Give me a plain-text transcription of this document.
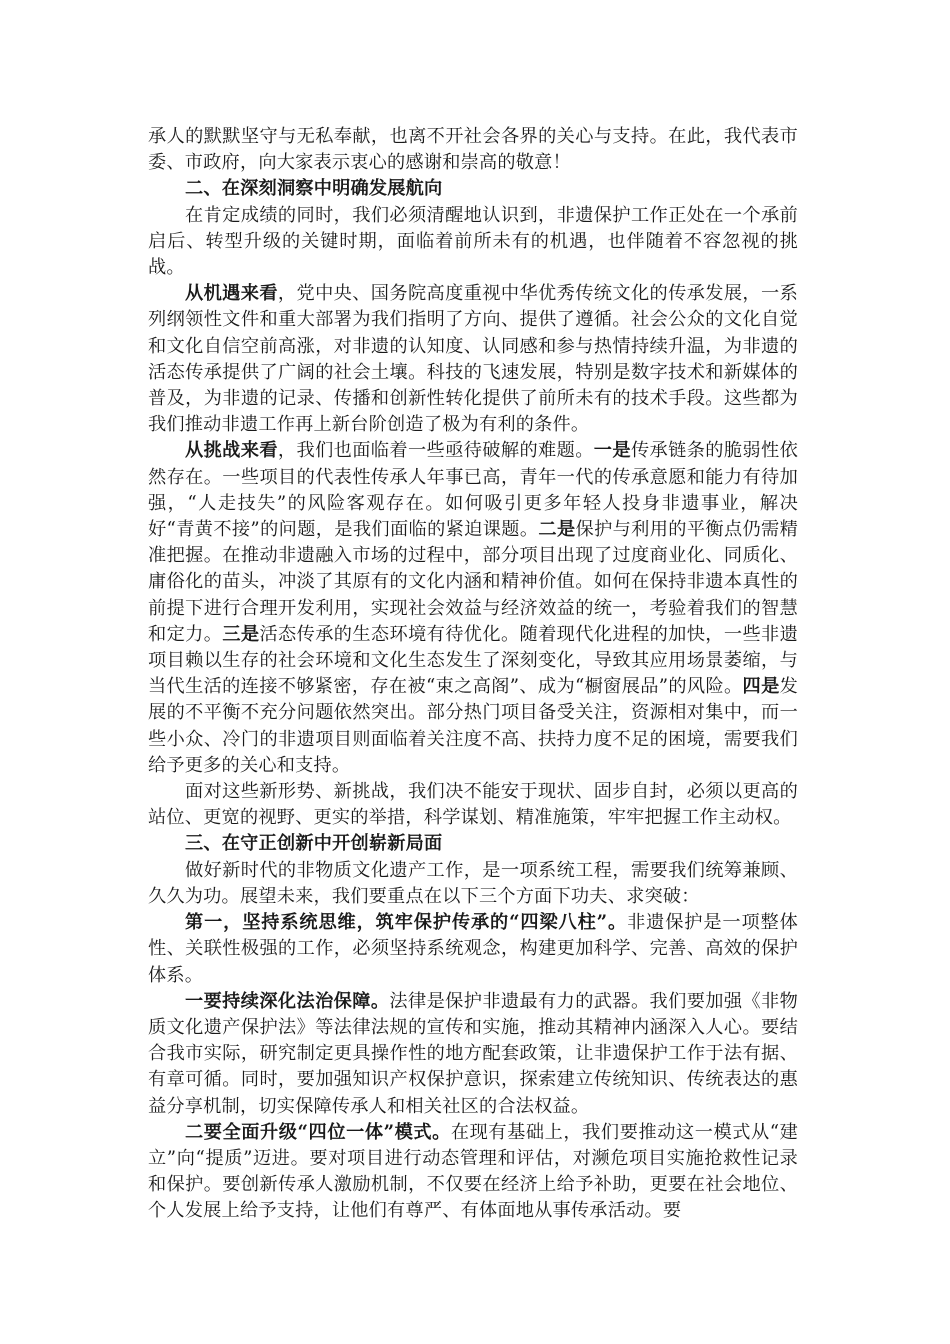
承人的默默坚守与无私奉献，也离不开社会各界的关心与支持。在此，我代表市委、市政府，向大家表示衷心的感谢和崇高的敬意！

二、在深刻洞察中明确发展航向

在肯定成绩的同时，我们必须清醒地认识到，非遗保护工作正处在一个承前启后、转型升级的关键时期，面临着前所未有的机遇，也伴随着不容忽视的挑战。

从机遇来看，党中央、国务院高度重视中华优秀传统文化的传承发展，一系列纲领性文件和重大部署为我们指明了方向、提供了遵循。社会公众的文化自觉和文化自信空前高涨，对非遗的认知度、认同感和参与热情持续升温，为非遗的活态传承提供了广阔的社会土壤。科技的飞速发展，特别是数字技术和新媒体的普及，为非遗的记录、传播和创新性转化提供了前所未有的技术手段。这些都为我们推动非遗工作再上新台阶创造了极为有利的条件。

从挑战来看，我们也面临着一些亟待破解的难题。一是传承链条的脆弱性依然存在。一些项目的代表性传承人年事已高，青年一代的传承意愿和能力有待加强，“人走技失”的风险客观存在。如何吸引更多年轻人投身非遗事业，解决好“青黄不接”的问题，是我们面临的紧迫课题。二是保护与利用的平衡点仍需精准把握。在推动非遗融入市场的过程中，部分项目出现了过度商业化、同质化、庸俗化的苗头，冲淡了其原有的文化内涵和精神价值。如何在保持非遗本真性的前提下进行合理开发利用，实现社会效益与经济效益的统一，考验着我们的智慧和定力。三是活态传承的生态环境有待优化。随着现代化进程的加快，一些非遗项目赖以生存的社会环境和文化生态发生了深刻变化，导致其应用场景萎缩，与当代生活的连接不够紧密，存在被“束之高阁”、成为“橱窗展品”的风险。四是发展的不平衡不充分问题依然突出。部分热门项目备受关注，资源相对集中，而一些小众、冷门的非遗项目则面临着关注度不高、扶持力度不足的困境，需要我们给予更多的关心和支持。

面对这些新形势、新挑战，我们决不能安于现状、固步自封，必须以更高的站位、更宽的视野、更实的举措，科学谋划、精准施策，牢牢把握工作主动权。

三、在守正创新中开创崭新局面

做好新时代的非物质文化遗产工作，是一项系统工程，需要我们统筹兼顾、久久为功。展望未来，我们要重点在以下三个方面下功夫、求突破：

第一，坚持系统思维，筑牢保护传承的“四梁八柱”。非遗保护是一项整体性、关联性极强的工作，必须坚持系统观念，构建更加科学、完善、高效的保护体系。

一要持续深化法治保障。法律是保护非遗最有力的武器。我们要加强《非物质文化遗产保护法》等法律法规的宣传和实施，推动其精神内涵深入人心。要结合我市实际，研究制定更具操作性的地方配套政策，让非遗保护工作于法有据、有章可循。同时，要加强知识产权保护意识，探索建立传统知识、传统表达的惠益分享机制，切实保障传承人和相关社区的合法权益。

二要全面升级“四位一体”模式。在现有基础上，我们要推动这一模式从“建立”向“提质”迈进。要对项目进行动态管理和评估，对濒危项目实施抢救性记录和保护。要创新传承人激励机制，不仅要在经济上给予补助，更要在社会地位、个人发展上给予支持，让他们有尊严、有体面地从事传承活动。要
